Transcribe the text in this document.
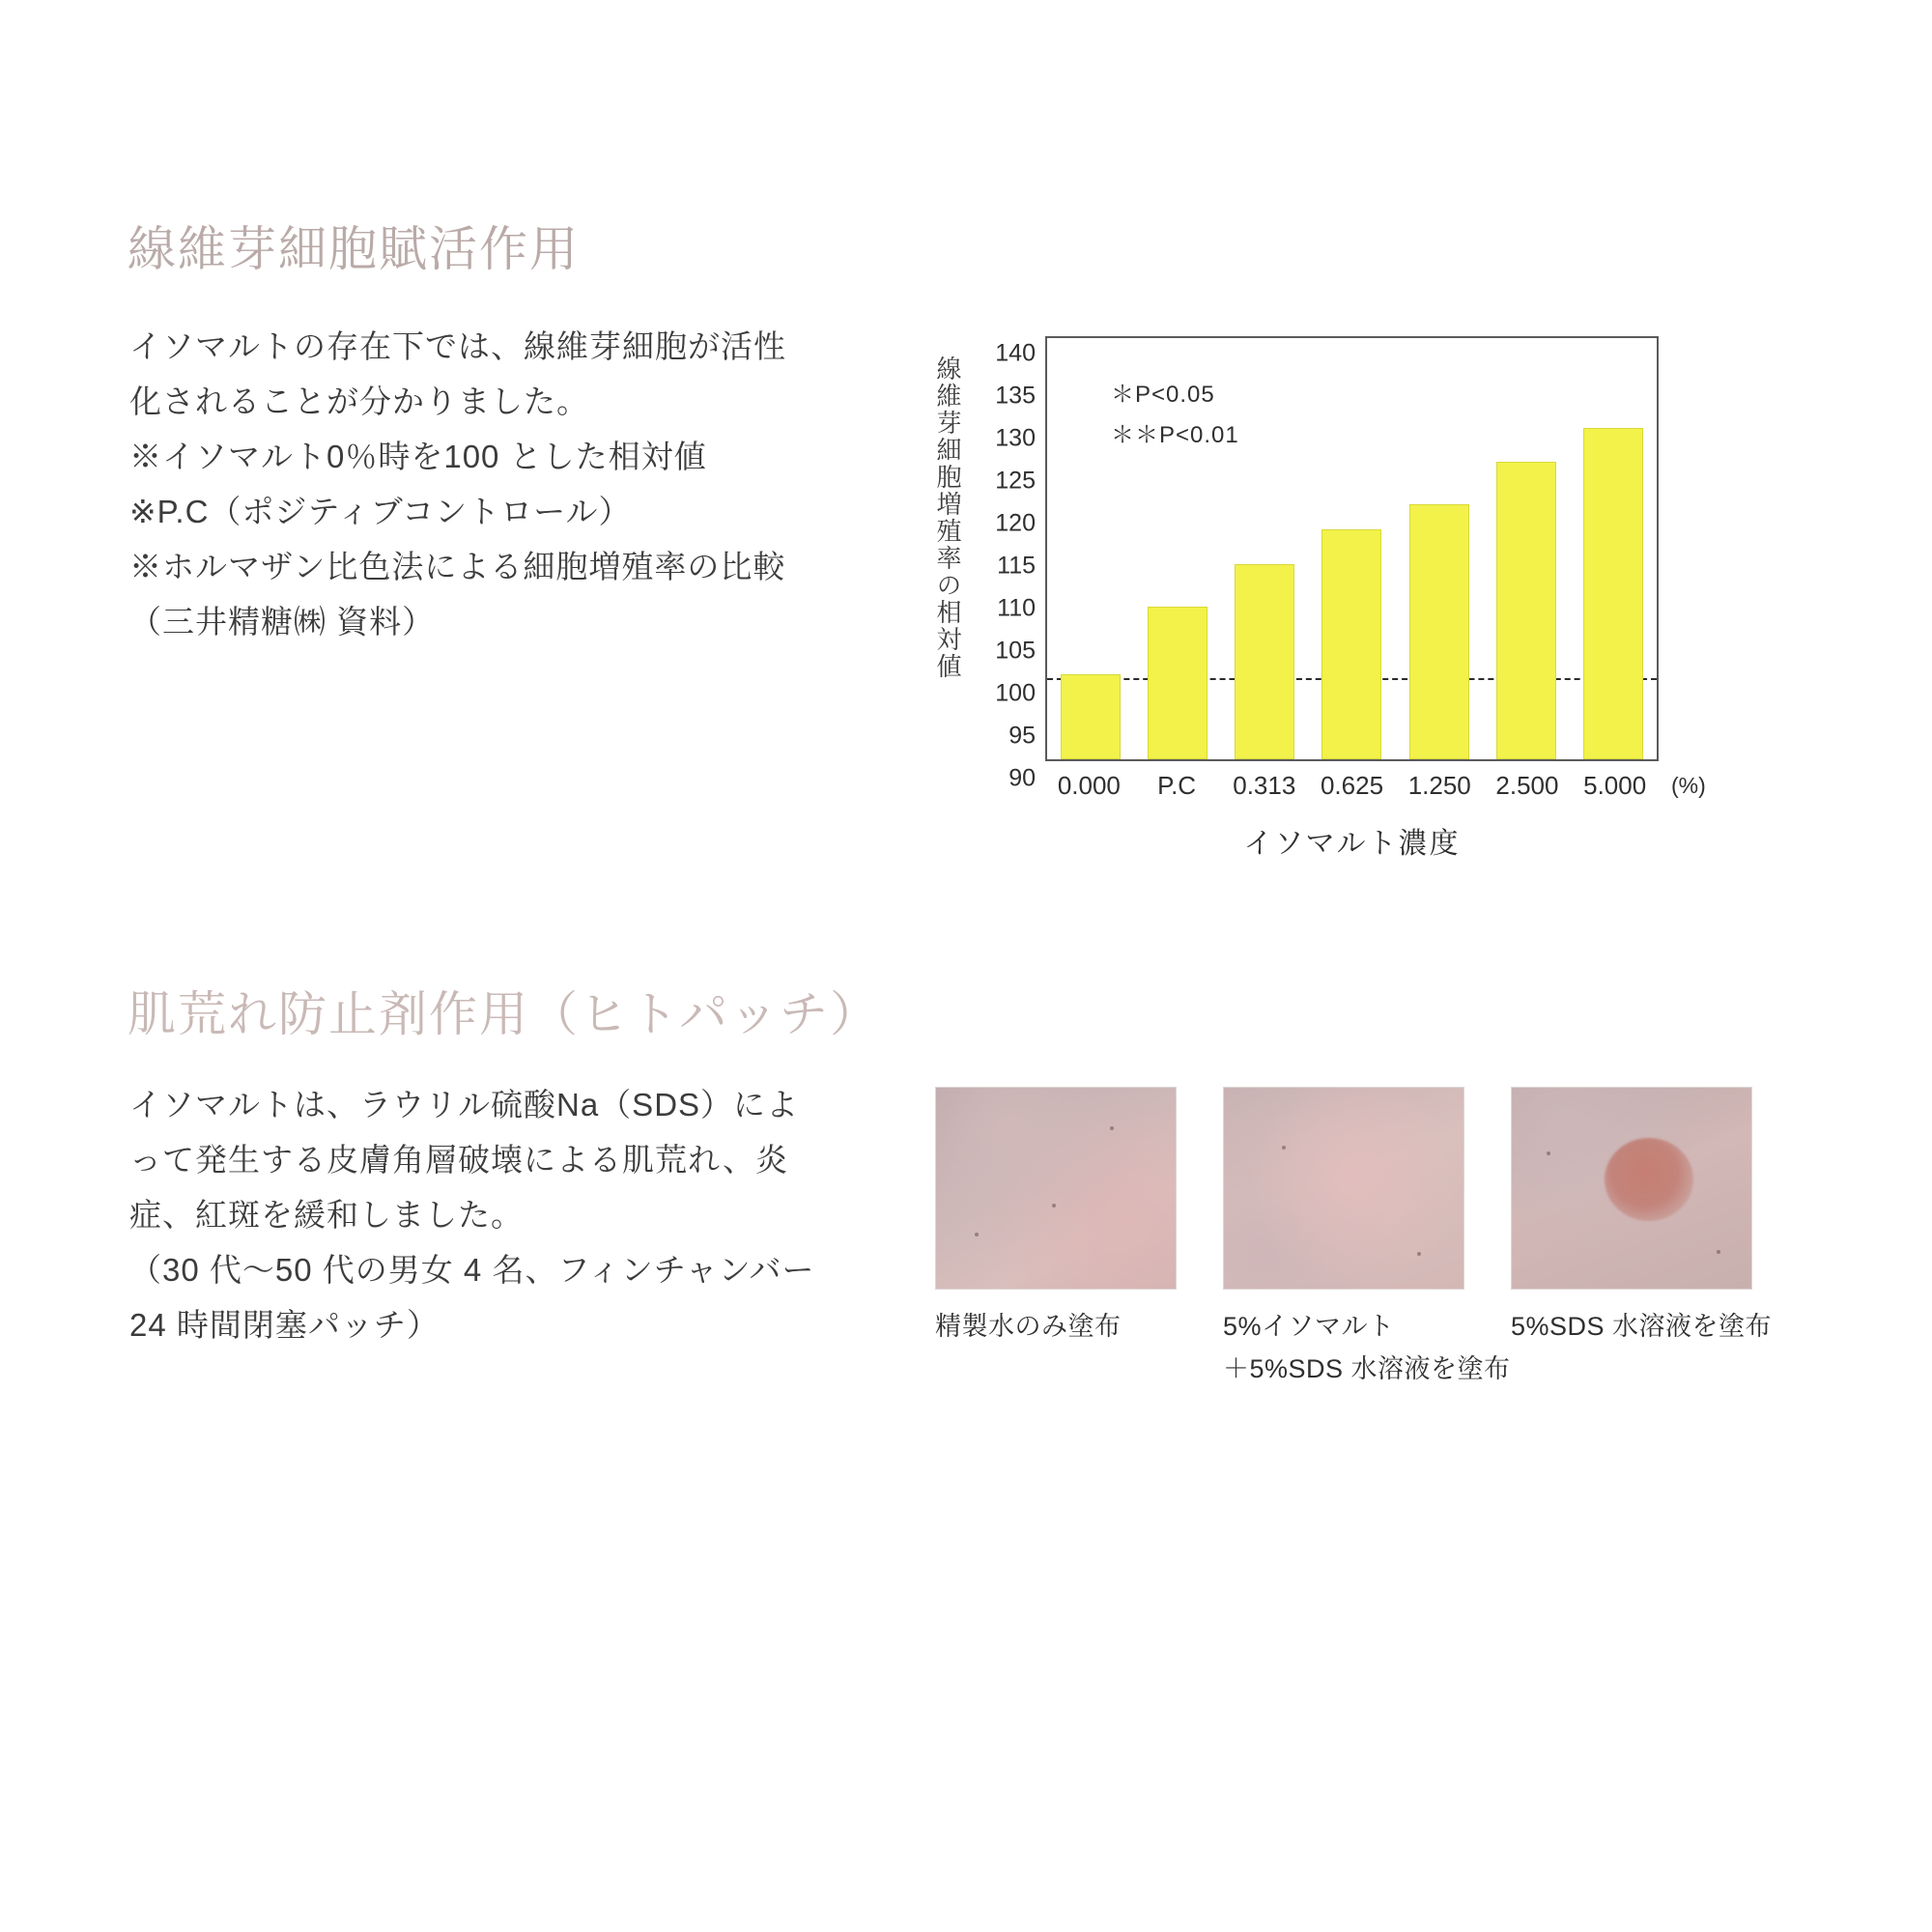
線維芽細胞賦活作用
イソマルトの存在下では、線維芽細胞が活性
化されることが分かりました。
※イソマルト0％時を100 とした相対値
※P.C（ポジティブコントロール）
※ホルマザン比色法による細胞増殖率の比較
（三井精糖㈱ 資料）	線維芽細胞増殖率の相対値
90
95
100
105
110
115
120
125
130
135
140
＊P<0.05
＊＊P<0.01
0.000	P.C	0.313 0.625 1.250 2.500 5.000	(%)
イソマルト濃度
肌荒れ防止剤作用（ヒトパッチ）
イソマルトは、ラウリル硫酸Na（SDS）によ
って発生する皮膚角層破壊による肌荒れ、炎
症、紅斑を緩和しました。
（30 代〜50 代の男女 4 名、フィンチャンバー
24 時間閉塞パッチ）	精製水のみ塗布	5%イソマルト
＋5%SDS 水溶液を塗布
5%SDS 水溶液を塗布
